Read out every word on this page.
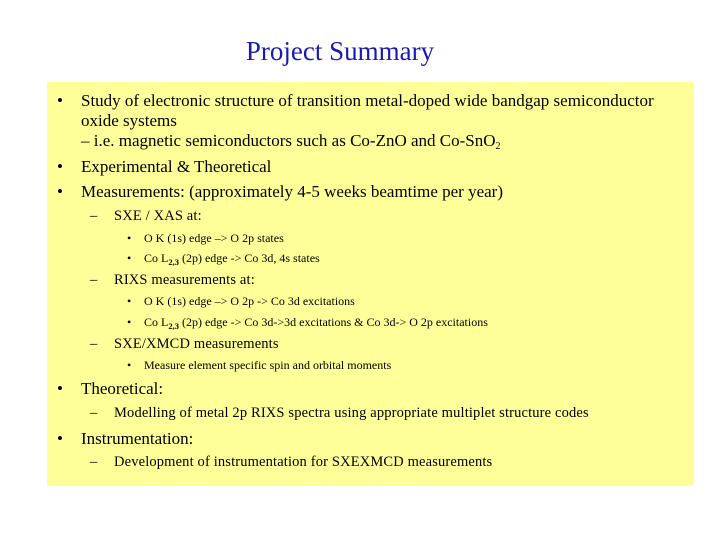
Project Summary
• Study of electronic structure of transition metal-doped wide bandgap semiconductor
oxide systems
– i.e. magnetic semiconductors such as Co-ZnO and Co-SnO2
• Experimental & Theoretical
• Measurements: (approximately 4-5 weeks beamtime per year)
– SXE / XAS at:
• O K (1s) edge –> O 2p states
• Co $L_{2,3}$ (2p) edge -> Co 3d, 4s states
– RIXS measurements at:
• O K (1s) edge –> O 2p -> Co 3d excitations
• Co $L_{2,3}$ (2p) edge -> Co 3d->3d excitations & Co 3d-> O 2p excitations
– SXE/XMCD measurements
• Measure element specific spin and orbital moments
• Theoretical:
– Modelling of metal 2p RIXS spectra using appropriate multiplet structure codes
• Instrumentation:
– Development of instrumentation for SXEXMCD measurements
